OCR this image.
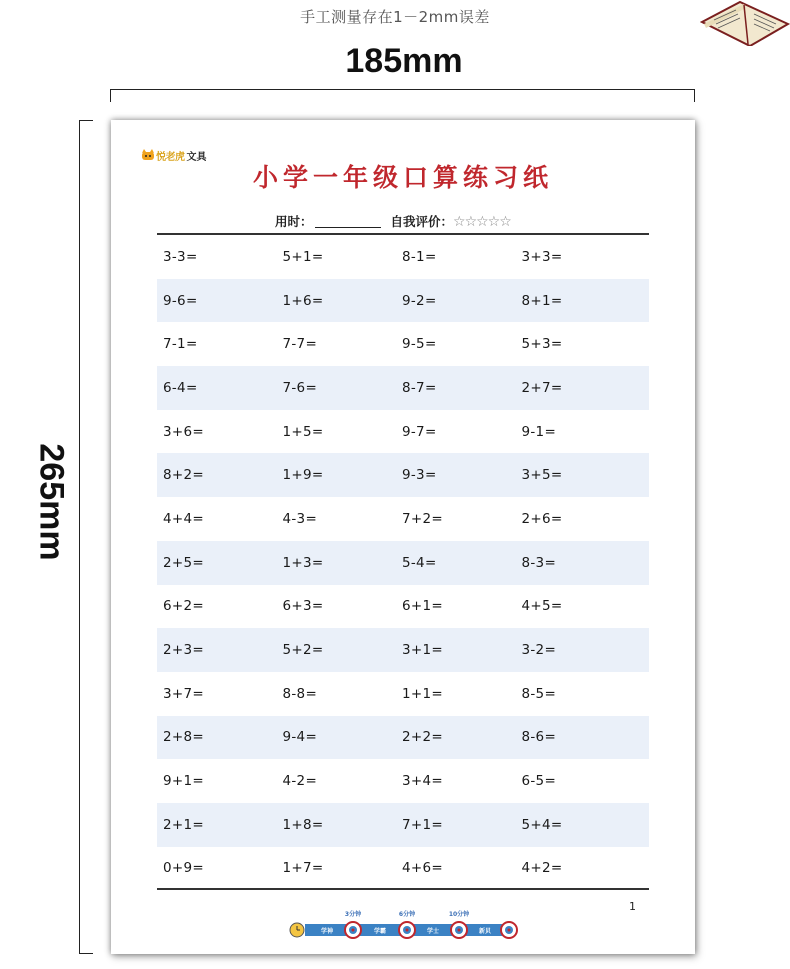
手工测量存在1－2mm误差
185mm
265mm
悦老虎 文具
小学一年级口算练习纸
用时：	自我评价： ☆☆☆☆☆
3-3=	5+1=	8-1=	3+3=
9-6=	1+6=	9-2=	8+1=
7-1=	7-7=	9-5=	5+3=
6-4=	7-6=	8-7=	2+7=
3+6=	1+5=	9-7=	9-1=
8+2=	1+9=	9-3=	3+5=
4+4=	4-3=	7+2=	2+6=
2+5=	1+3=	5-4=	8-3=
6+2=	6+3=	6+1=	4+5=
2+3=	5+2=	3+1=	3-2=
3+7=	8-8=	1+1=	8-5=
2+8=	9-4=	2+2=	8-6=
9+1=	4-2=	3+4=	6-5=
2+1=	1+8=	7+1=	5+4=
0+9=	1+7=	4+6=	4+2=
1
3分钟	6分钟	10分钟
学神	学霸	学士	新贝
